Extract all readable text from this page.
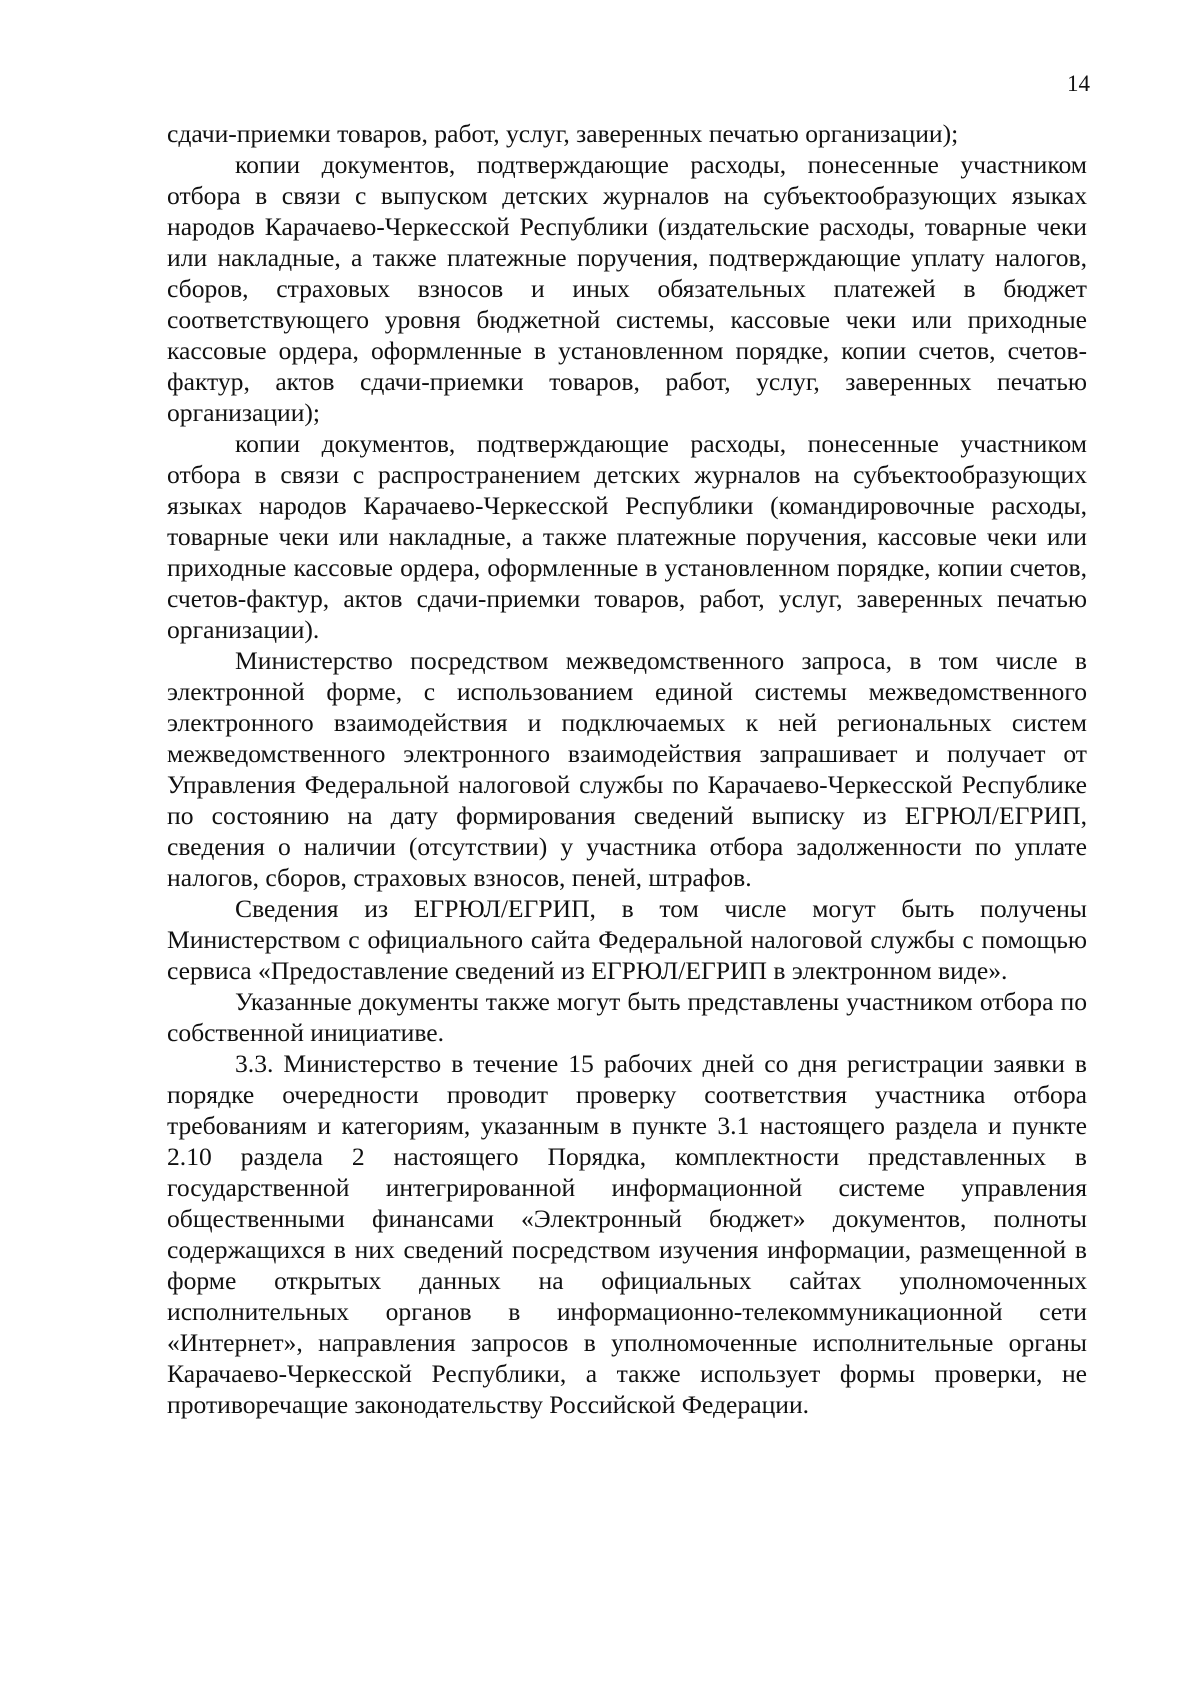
14

сдачи-приемки товаров, работ, услуг, заверенных печатью организации);

копии документов, подтверждающие расходы, понесенные участником отбора в связи с выпуском детских журналов на субъектообразующих языках народов Карачаево-Черкесской Республики (издательские расходы, товарные чеки или накладные, а также платежные поручения, подтверждающие уплату налогов, сборов, страховых взносов и иных обязательных платежей в бюджет соответствующего уровня бюджетной системы, кассовые чеки или приходные кассовые ордера, оформленные в установленном порядке, копии счетов, счетов-фактур, актов сдачи-приемки товаров, работ, услуг, заверенных печатью организации);

копии документов, подтверждающие расходы, понесенные участником отбора в связи с распространением детских журналов на субъектообразующих языках народов Карачаево-Черкесской Республики (командировочные расходы, товарные чеки или накладные, а также платежные поручения, кассовые чеки или приходные кассовые ордера, оформленные в установленном порядке, копии счетов, счетов-фактур, актов сдачи-приемки товаров, работ, услуг, заверенных печатью организации).

Министерство посредством межведомственного запроса, в том числе в электронной форме, с использованием единой системы межведомственного электронного взаимодействия и подключаемых к ней региональных систем межведомственного электронного взаимодействия запрашивает и получает от Управления Федеральной налоговой службы по Карачаево-Черкесской Республике по состоянию на дату формирования сведений выписку из ЕГРЮЛ/ЕГРИП, сведения о наличии (отсутствии) у участника отбора задолженности по уплате налогов, сборов, страховых взносов, пеней, штрафов.

Сведения из ЕГРЮЛ/ЕГРИП, в том числе могут быть получены Министерством с официального сайта Федеральной налоговой службы с помощью сервиса «Предоставление сведений из ЕГРЮЛ/ЕГРИП в электронном виде».

Указанные документы также могут быть представлены участником отбора по собственной инициативе.

3.3. Министерство в течение 15 рабочих дней со дня регистрации заявки в порядке очередности проводит проверку соответствия участника отбора требованиям и категориям, указанным в пункте 3.1 настоящего раздела и пункте 2.10 раздела 2 настоящего Порядка, комплектности представленных в государственной интегрированной информационной системе управления общественными финансами «Электронный бюджет» документов, полноты содержащихся в них сведений посредством изучения информации, размещенной в форме открытых данных на официальных сайтах уполномоченных исполнительных органов в информационно-телекоммуникационной сети «Интернет», направления запросов в уполномоченные исполнительные органы Карачаево-Черкесской Республики, а также использует формы проверки, не противоречащие законодательству Российской Федерации.
